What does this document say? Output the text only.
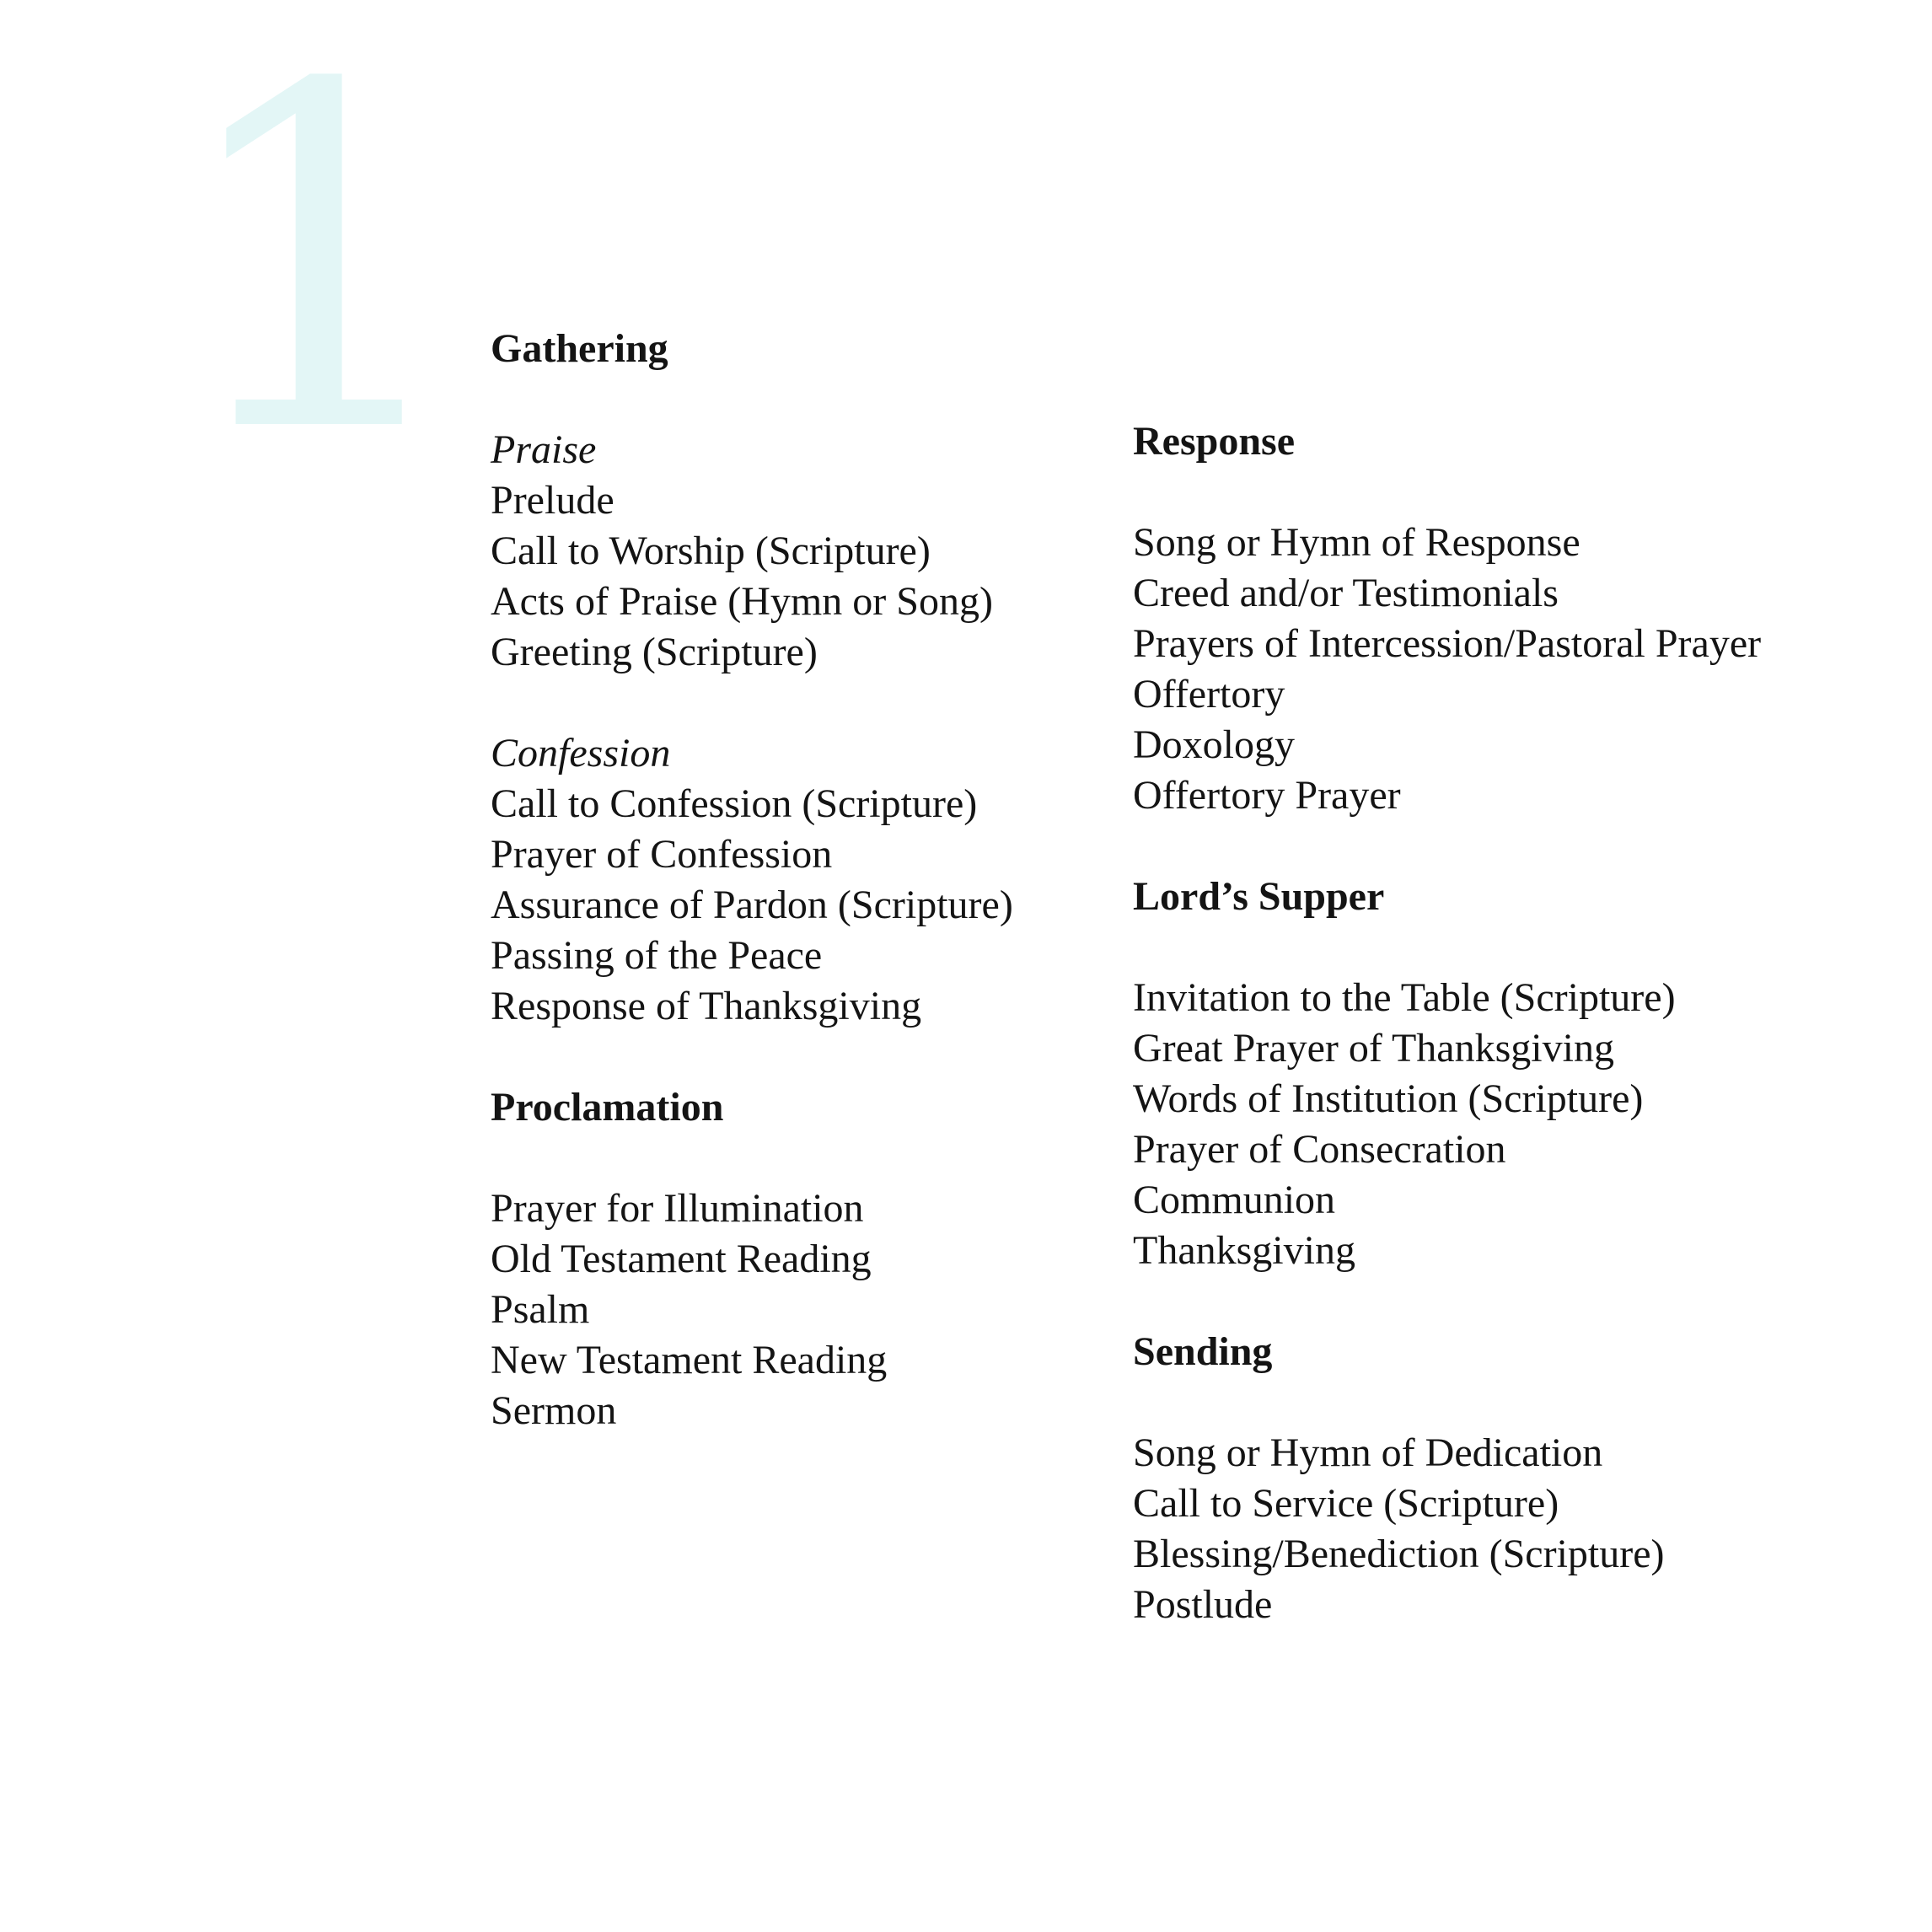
1 Gathering
Praise
Prelude
Call to Worship (Scripture)
Acts of Praise (Hymn or Song)
Greeting (Scripture)
Confession
Call to Confession (Scripture)
Prayer of Confession
Assurance of Pardon (Scripture)
Passing of the Peace
Response of Thanksgiving
Proclamation
Prayer for Illumination
Old Testament Reading
Psalm
New Testament Reading
Sermon
Response
Song or Hymn of Response
Creed and/or Testimonials
Prayers of Intercession/Pastoral Prayer
Offertory
Doxology
Offertory Prayer
Lord’s Supper
Invitation to the Table (Scripture)
Great Prayer of Thanksgiving
Words of Institution (Scripture)
Prayer of Consecration
Communion
Thanksgiving
Sending
Song or Hymn of Dedication
Call to Service (Scripture)
Blessing/Benediction (Scripture)
Postlude
